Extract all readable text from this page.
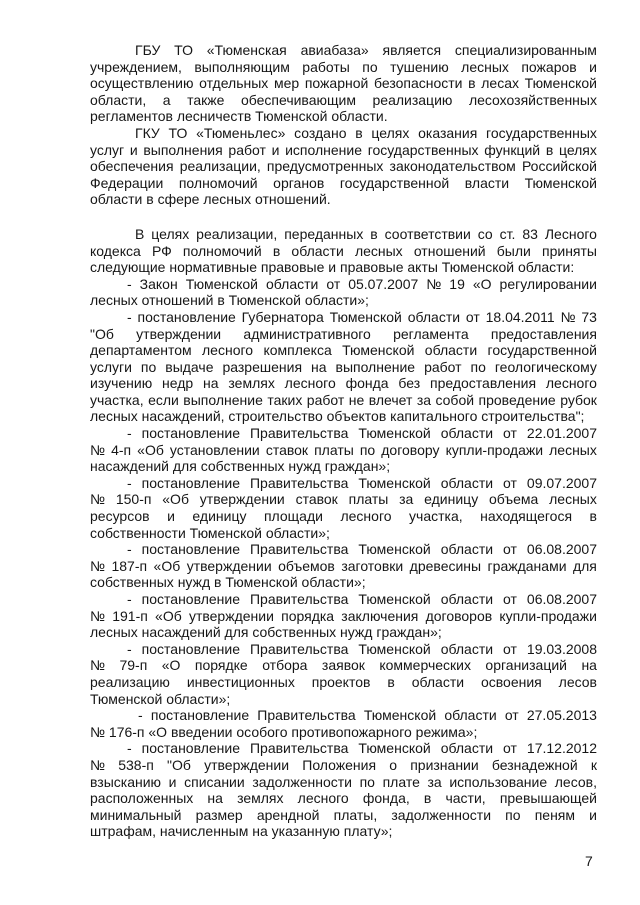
ГБУ ТО «Тюменская авиабаза» является специализированным
учреждением, выполняющим работы по тушению лесных пожаров и
осуществлению отдельных мер пожарной безопасности в лесах Тюменской
области, а также обеспечивающим реализацию лесохозяйственных
регламентов лесничеств Тюменской области.
ГКУ ТО «Тюменьлес» создано в целях оказания государственных
услуг и выполнения работ и исполнение государственных функций в целях
обеспечения реализации, предусмотренных законодательством Российской
Федерации полномочий органов государственной власти Тюменской
области в сфере лесных отношений.
В целях реализации, переданных в соответствии со ст. 83 Лесного
кодекса РФ полномочий в области лесных отношений были приняты
следующие нормативные правовые и правовые акты Тюменской области:
- Закон Тюменской области от 05.07.2007 № 19 «О регулировании
лесных отношений в Тюменской области»;
- постановление Губернатора Тюменской области от 18.04.2011 № 73
"Об утверждении административного регламента предоставления
департаментом лесного комплекса Тюменской области государственной
услуги по выдаче разрешения на выполнение работ по геологическому
изучению недр на землях лесного фонда без предоставления лесного
участка, если выполнение таких работ не влечет за собой проведение рубок
лесных насаждений, строительство объектов капитального строительства";
- постановление Правительства Тюменской области от 22.01.2007
№ 4-п «Об установлении ставок платы по договору купли-продажи лесных
насаждений для собственных нужд граждан»;
- постановление Правительства Тюменской области от 09.07.2007
№ 150-п «Об утверждении ставок платы за единицу объема лесных
ресурсов и единицу площади лесного участка, находящегося в
собственности Тюменской области»;
- постановление Правительства Тюменской области от 06.08.2007
№ 187-п «Об утверждении объемов заготовки древесины гражданами для
собственных нужд в Тюменской области»;
- постановление Правительства Тюменской области от 06.08.2007
№ 191-п «Об утверждении порядка заключения договоров купли-продажи
лесных насаждений для собственных нужд граждан»;
- постановление Правительства Тюменской области от 19.03.2008
№ 79-п «О порядке отбора заявок коммерческих организаций на
реализацию инвестиционных проектов в области освоения лесов
Тюменской области»;
- постановление Правительства Тюменской области от 27.05.2013
№ 176-п «О введении особого противопожарного режима»;
- постановление Правительства Тюменской области от 17.12.2012
№ 538-п "Об утверждении Положения о признании безнадежной к
взысканию и списании задолженности по плате за использование лесов,
расположенных на землях лесного фонда, в части, превышающей
минимальный размер арендной платы, задолженности по пеням и
штрафам, начисленным на указанную плату»;
7
